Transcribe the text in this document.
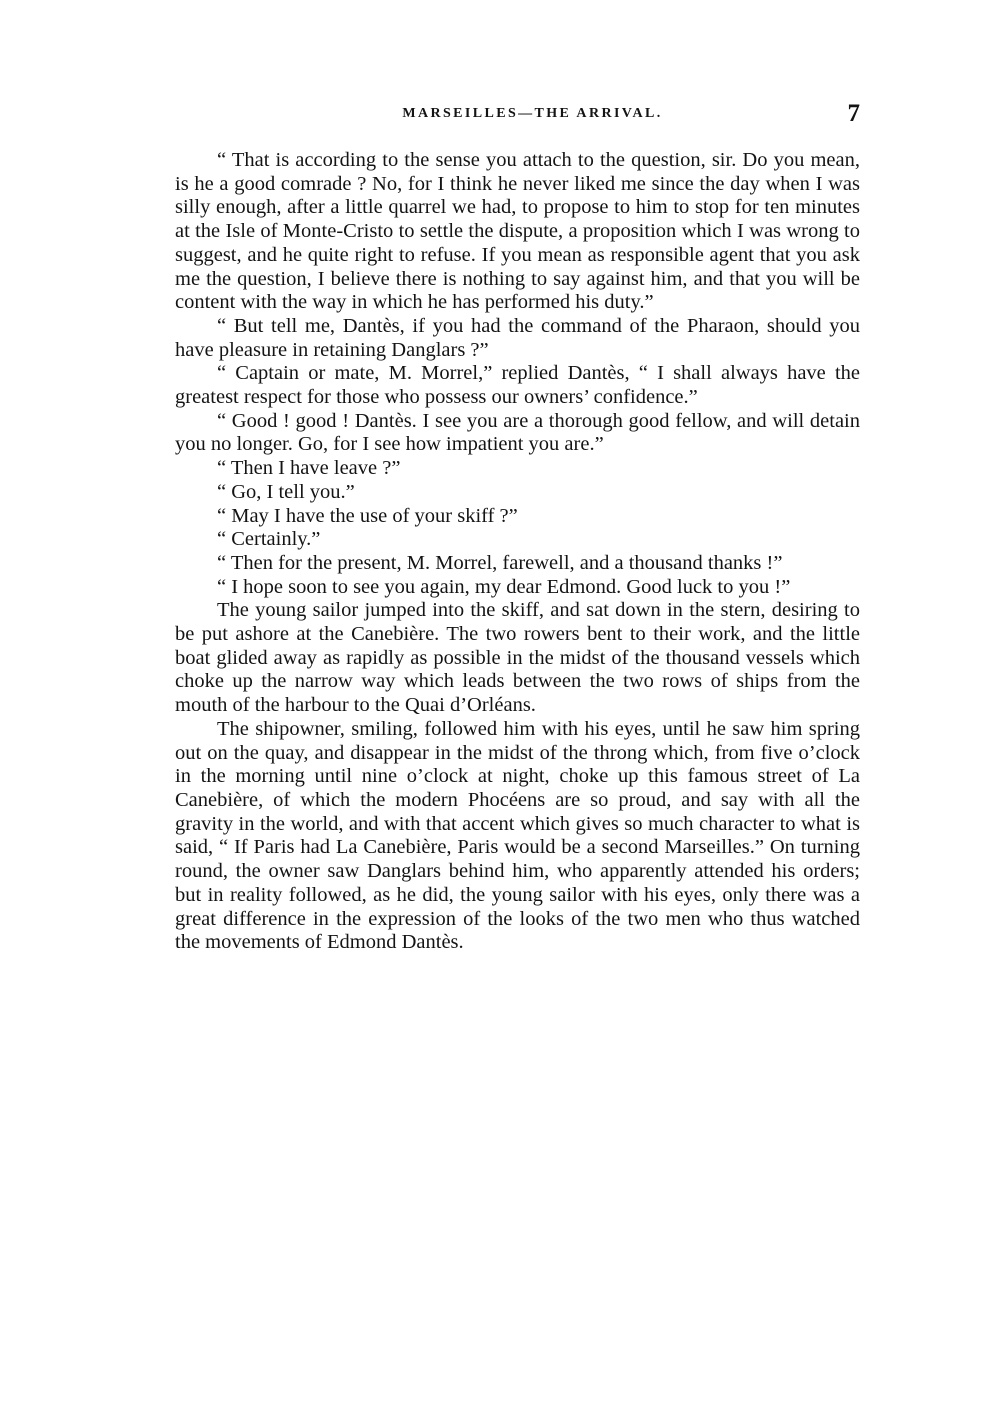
MARSEILLES—THE ARRIVAL.	7

“ That is according to the sense you attach to the question, sir. Do you mean, is he a good comrade ? No, for I think he never liked me since the day when I was silly enough, after a little quarrel we had, to propose to him to stop for ten minutes at the Isle of Monte-Cristo to settle the dispute, a proposition which I was wrong to suggest, and he quite right to refuse. If you mean as responsible agent that you ask me the question, I believe there is nothing to say against him, and that you will be content with the way in which he has performed his duty.”

“ But tell me, Dantès, if you had the command of the Pharaon, should you have pleasure in retaining Danglars ?”

“ Captain or mate, M. Morrel,” replied Dantès, “ I shall always have the greatest respect for those who possess our owners’ confidence.”

“ Good ! good ! Dantès. I see you are a thorough good fellow, and will detain you no longer. Go, for I see how impatient you are.”

“ Then I have leave ?”

“ Go, I tell you.”

“ May I have the use of your skiff ?”

“ Certainly.”

“ Then for the present, M. Morrel, farewell, and a thousand thanks !”

“ I hope soon to see you again, my dear Edmond. Good luck to you !”

The young sailor jumped into the skiff, and sat down in the stern, desiring to be put ashore at the Canebière. The two rowers bent to their work, and the little boat glided away as rapidly as possible in the midst of the thousand vessels which choke up the narrow way which leads between the two rows of ships from the mouth of the harbour to the Quai d’Orléans.

The shipowner, smiling, followed him with his eyes, until he saw him spring out on the quay, and disappear in the midst of the throng which, from five o’clock in the morning until nine o’clock at night, choke up this famous street of La Canebière, of which the modern Phocéens are so proud, and say with all the gravity in the world, and with that accent which gives so much character to what is said, “ If Paris had La Canebière, Paris would be a second Marseilles.” On turning round, the owner saw Danglars behind him, who apparently attended his orders; but in reality followed, as he did, the young sailor with his eyes, only there was a great difference in the expression of the looks of the two men who thus watched the movements of Edmond Dantès.
